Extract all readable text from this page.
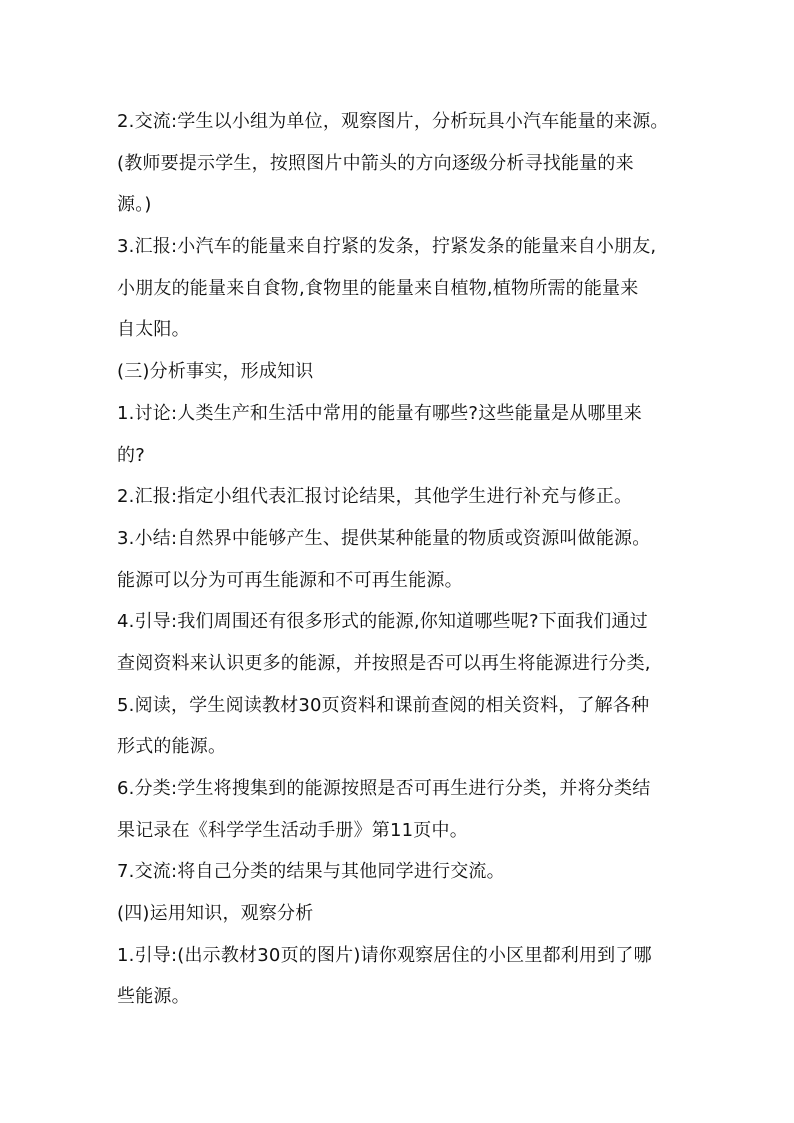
2.交流:学生以小组为单位，观察图片，分析玩具小汽车能量的来源。
(教师要提示学生，按照图片中箭头的方向逐级分析寻找能量的来
源。)
3.汇报:小汽车的能量来自拧紧的发条，拧紧发条的能量来自小朋友,
小朋友的能量来自食物,食物里的能量来自植物,植物所需的能量来
自太阳。
(三)分析事实，形成知识
1.讨论:人类生产和生活中常用的能量有哪些?这些能量是从哪里来
的?
2.汇报:指定小组代表汇报讨论结果，其他学生进行补充与修正。
3.小结:自然界中能够产生、提供某种能量的物质或资源叫做能源。
能源可以分为可再生能源和不可再生能源。
4.引导:我们周围还有很多形式的能源,你知道哪些呢?下面我们通过
查阅资料来认识更多的能源，并按照是否可以再生将能源进行分类,
5.阅读，学生阅读教材30页资料和课前查阅的相关资料，了解各种
形式的能源。
6.分类:学生将搜集到的能源按照是否可再生进行分类，并将分类结
果记录在《科学学生活动手册》第11页中。
7.交流:将自己分类的结果与其他同学进行交流。
(四)运用知识，观察分析
1.引导:(出示教材30页的图片)请你观察居住的小区里都利用到了哪
些能源。
